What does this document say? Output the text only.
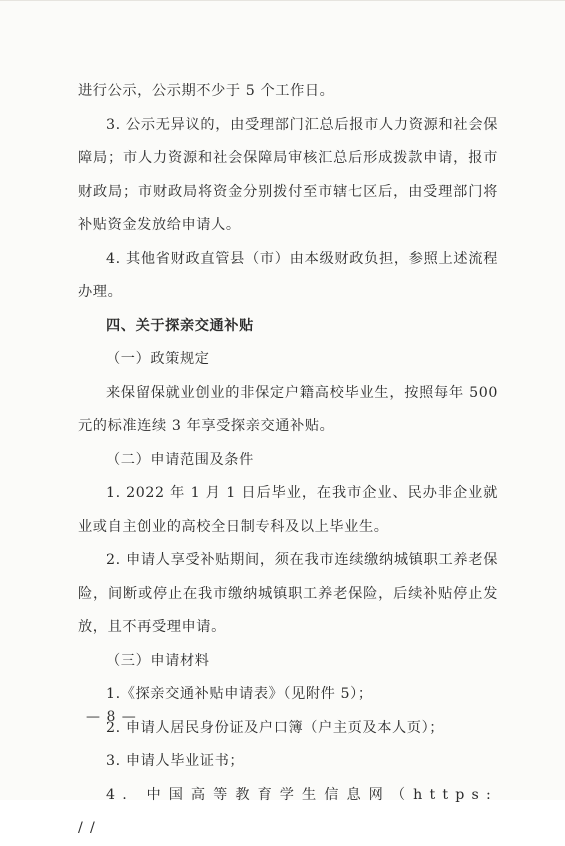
进行公示，公示期不少于 5 个工作日。

3. 公示无异议的，由受理部门汇总后报市人力资源和社会保障局；市人力资源和社会保障局审核汇总后形成拨款申请，报市财政局；市财政局将资金分别拨付至市辖七区后，由受理部门将补贴资金发放给申请人。

4. 其他省财政直管县（市）由本级财政负担，参照上述流程办理。

四、关于探亲交通补贴

（一）政策规定

来保留保就业创业的非保定户籍高校毕业生，按照每年 500 元的标准连续 3 年享受探亲交通补贴。

（二）申请范围及条件

1. 2022 年 1 月 1 日后毕业，在我市企业、民办非企业就业或自主创业的高校全日制专科及以上毕业生。

2. 申请人享受补贴期间，须在我市连续缴纳城镇职工养老保险，间断或停止在我市缴纳城镇职工养老保险，后续补贴停止发放，且不再受理申请。

（三）申请材料

1.《探亲交通补贴申请表》（见附件 5）；

2. 申请人居民身份证及户口簿（户主页及本人页）；

3. 申请人毕业证书；

4. 中国高等教育学生信息网（https: //

— 8 —
